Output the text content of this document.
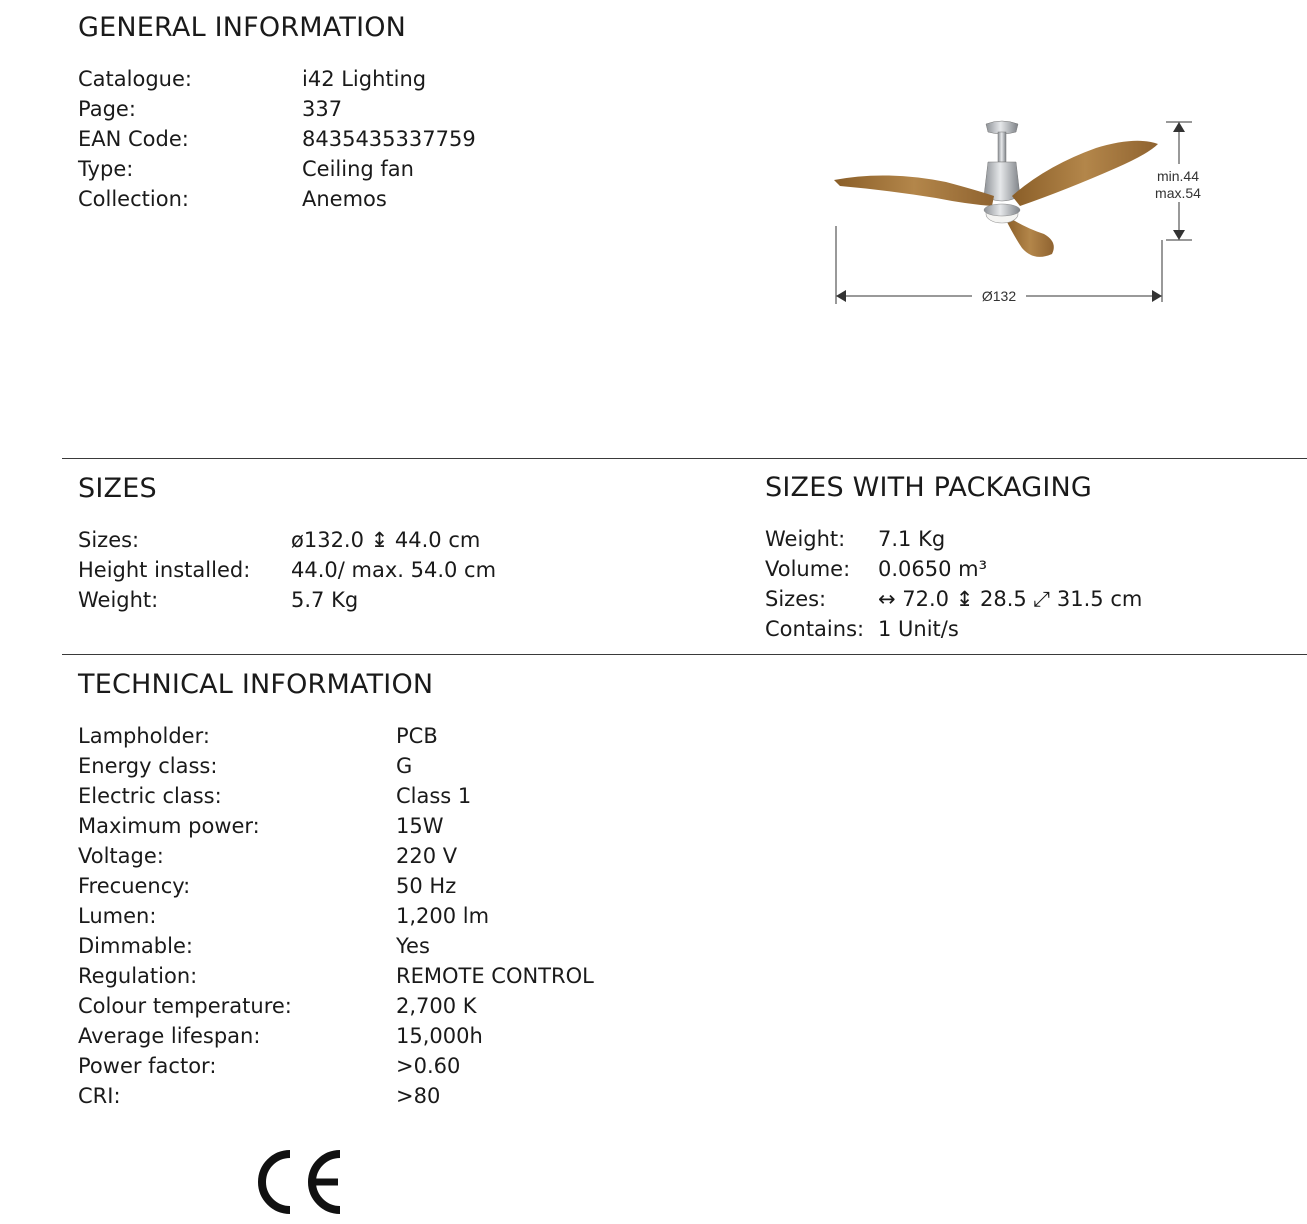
GENERAL INFORMATION
Catalogue:	i42 Lighting
Page:	337
EAN Code:	8435435337759
Type:	Ceiling fan
Collection:	Anemos
min.44
max.54
Ø132
SIZES
Sizes:	ø132.0 ↨ 44.0 cm
Height installed: 44.0/ max. 54.0 cm
Weight:	5.7 Kg
SIZES WITH PACKAGING
Weight: 7.1 Kg
Volume: 0.0650 m³
Sizes: ↔ 72.0 ↨ 28.5 ⤢ 31.5 cm
Contains: 1 Unit/s
TECHNICAL INFORMATION
Lampholder:	PCB
Energy class:	G
Electric class:	Class 1
Maximum power:	15W
Voltage:	220 V
Frecuency:	50 Hz
Lumen:	1,200 lm
Dimmable:	Yes
Regulation:	REMOTE CONTROL
Colour temperature:	2,700 K
Average lifespan:	15,000h
Power factor:	>0.60
CRI:	>80
